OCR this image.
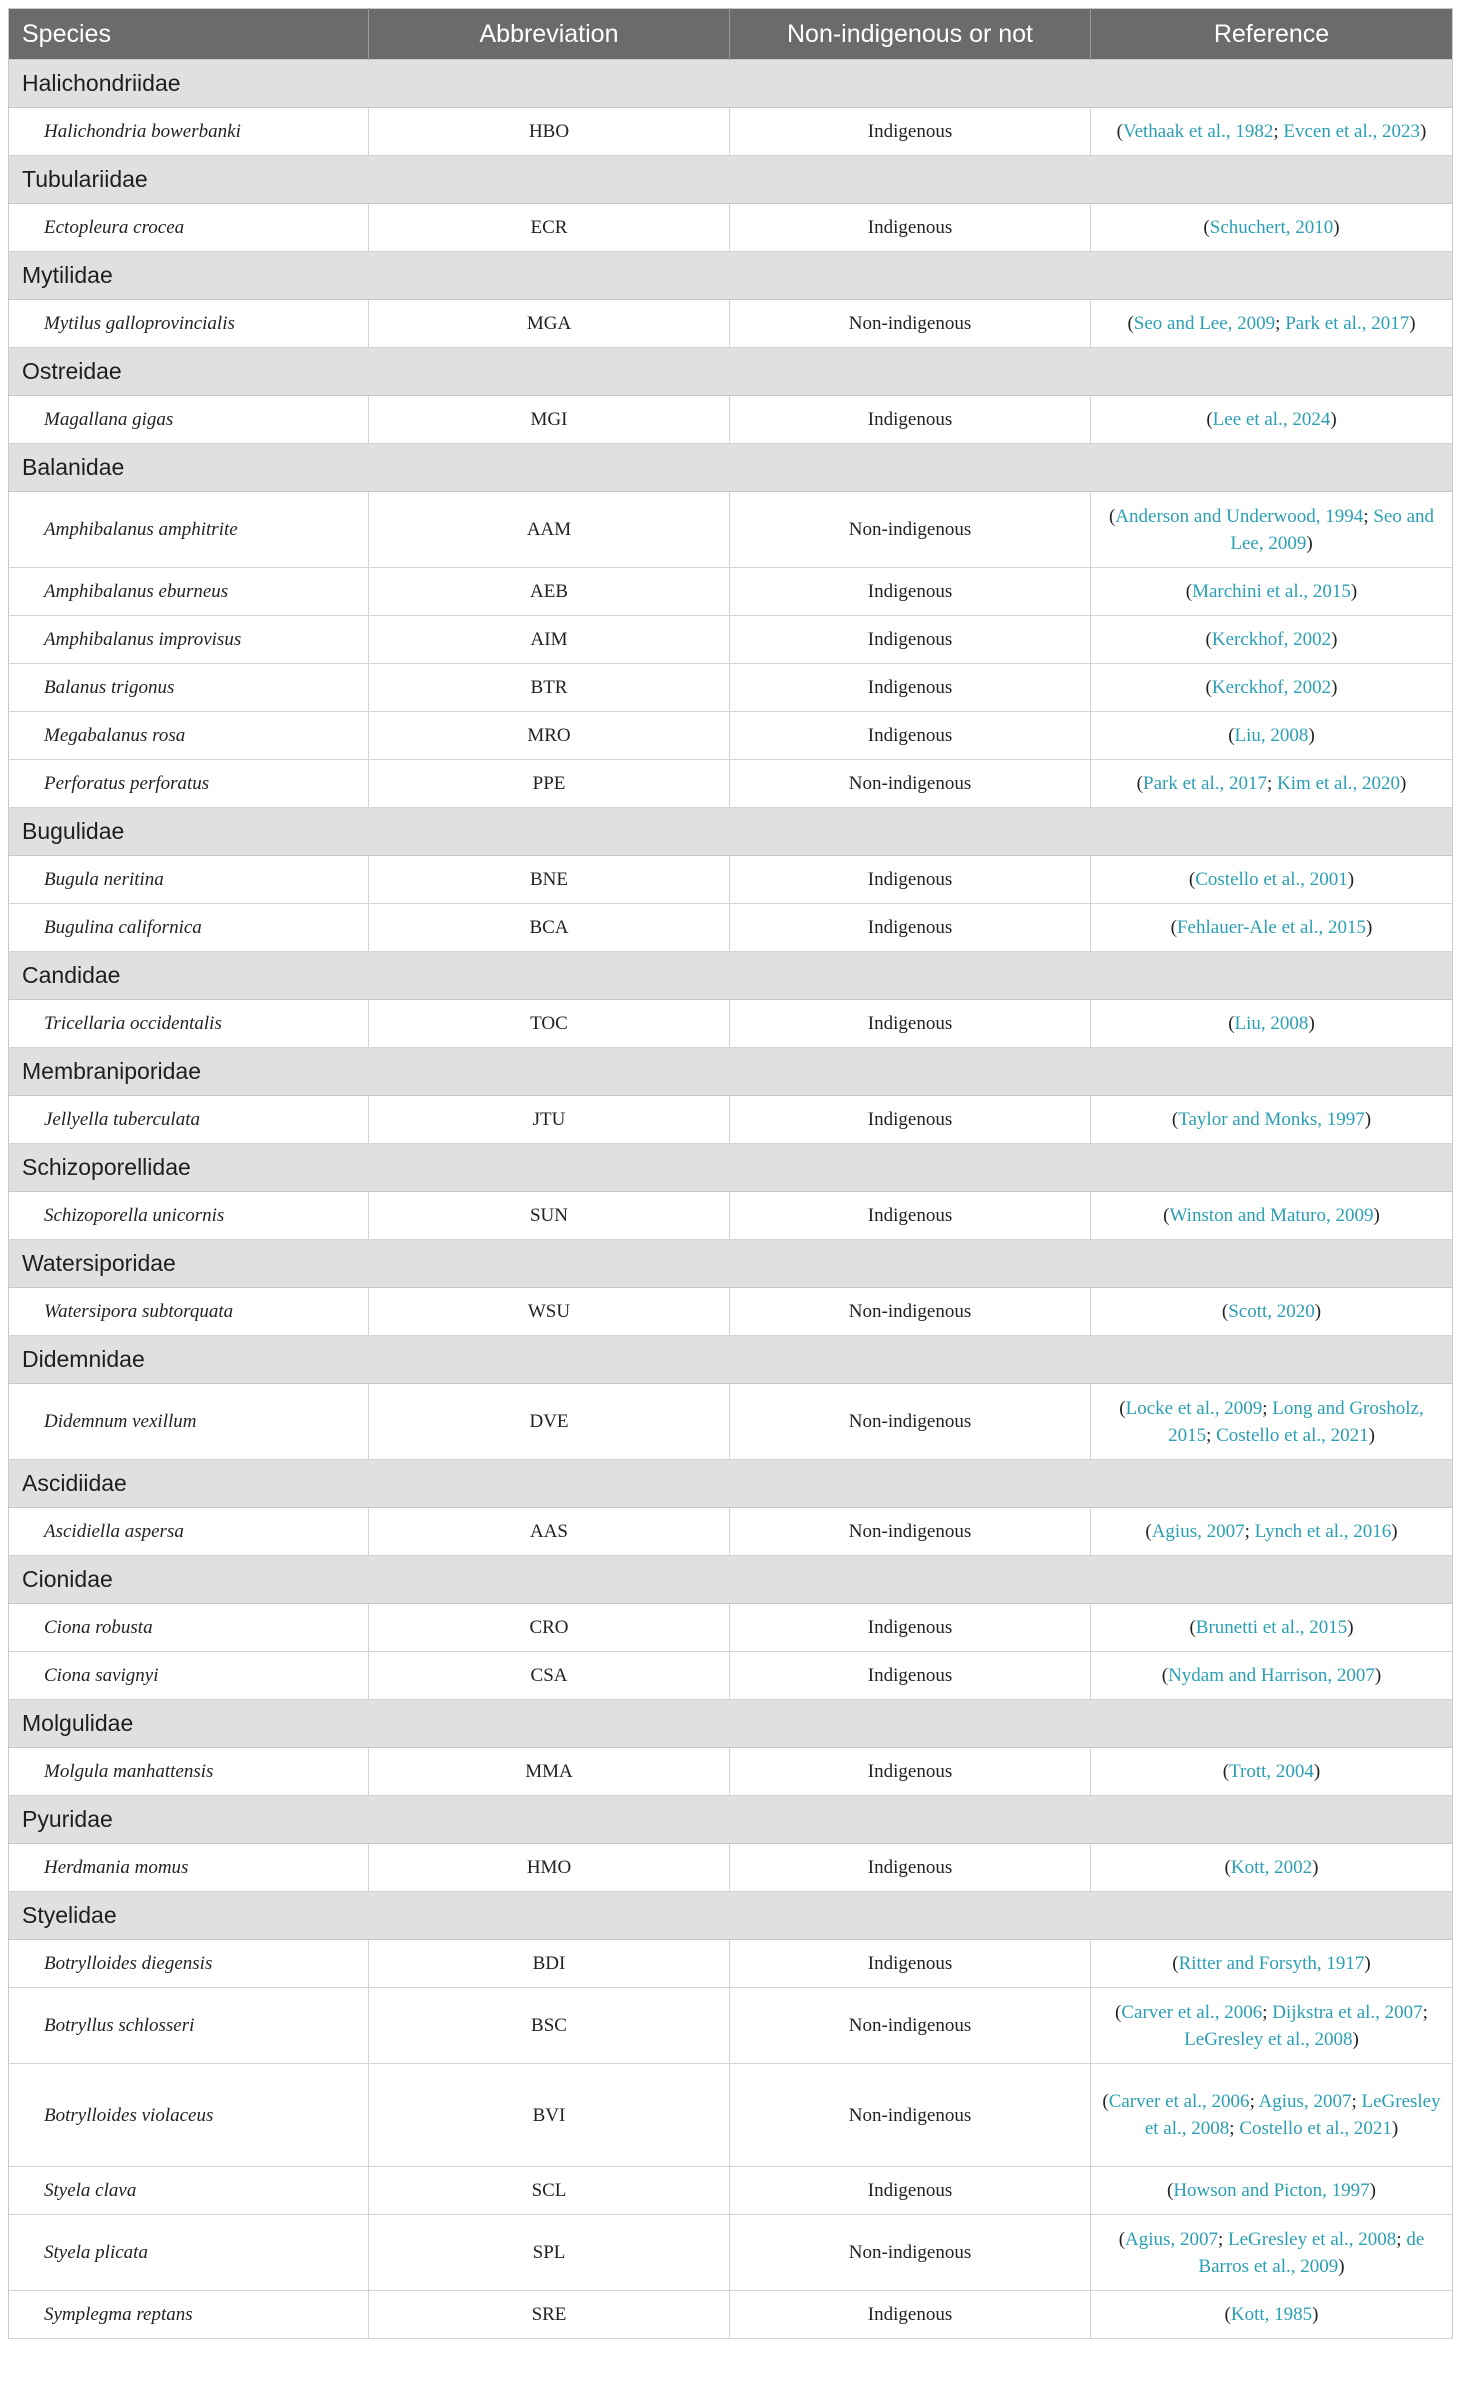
Species	Abbreviation	Non-indigenous or not	Reference
Halichondriidae			
Halichondria bowerbanki	HBO	Indigenous	(Vethaak et al., 1982; Evcen et al., 2023)
Tubulariidae			
Ectopleura crocea	ECR	Indigenous	(Schuchert, 2010)
Mytilidae			
Mytilus galloprovincialis	MGA	Non-indigenous	(Seo and Lee, 2009; Park et al., 2017)
Ostreidae			
Magallana gigas	MGI	Indigenous	(Lee et al., 2024)
Balanidae			
Amphibalanus amphitrite	AAM	Non-indigenous	(Anderson and Underwood, 1994; Seo and Lee, 2009)
Amphibalanus eburneus	AEB	Indigenous	(Marchini et al., 2015)
Amphibalanus improvisus	AIM	Indigenous	(Kerckhof, 2002)
Balanus trigonus	BTR	Indigenous	(Kerckhof, 2002)
Megabalanus rosa	MRO	Indigenous	(Liu, 2008)
Perforatus perforatus	PPE	Non-indigenous	(Park et al., 2017; Kim et al., 2020)
Bugulidae			
Bugula neritina	BNE	Indigenous	(Costello et al., 2001)
Bugulina californica	BCA	Indigenous	(Fehlauer-Ale et al., 2015)
Candidae			
Tricellaria occidentalis	TOC	Indigenous	(Liu, 2008)
Membraniporidae			
Jellyella tuberculata	JTU	Indigenous	(Taylor and Monks, 1997)
Schizoporellidae			
Schizoporella unicornis	SUN	Indigenous	(Winston and Maturo, 2009)
Watersiporidae			
Watersipora subtorquata	WSU	Non-indigenous	(Scott, 2020)
Didemnidae			
Didemnum vexillum	DVE	Non-indigenous	(Locke et al., 2009; Long and Grosholz, 2015; Costello et al., 2021)
Ascidiidae			
Ascidiella aspersa	AAS	Non-indigenous	(Agius, 2007; Lynch et al., 2016)
Cionidae			
Ciona robusta	CRO	Indigenous	(Brunetti et al., 2015)
Ciona savignyi	CSA	Indigenous	(Nydam and Harrison, 2007)
Molgulidae			
Molgula manhattensis	MMA	Indigenous	(Trott, 2004)
Pyuridae			
Herdmania momus	HMO	Indigenous	(Kott, 2002)
Styelidae			
Botrylloides diegensis	BDI	Indigenous	(Ritter and Forsyth, 1917)
Botryllus schlosseri	BSC	Non-indigenous	(Carver et al., 2006; Dijkstra et al., 2007; LeGresley et al., 2008)
Botrylloides violaceus	BVI	Non-indigenous	(Carver et al., 2006; Agius, 2007; LeGresley et al., 2008; Costello et al., 2021)
Styela clava	SCL	Indigenous	(Howson and Picton, 1997)
Styela plicata	SPL	Non-indigenous	(Agius, 2007; LeGresley et al., 2008; de Barros et al., 2009)
Symplegma reptans	SRE	Indigenous	(Kott, 1985)
